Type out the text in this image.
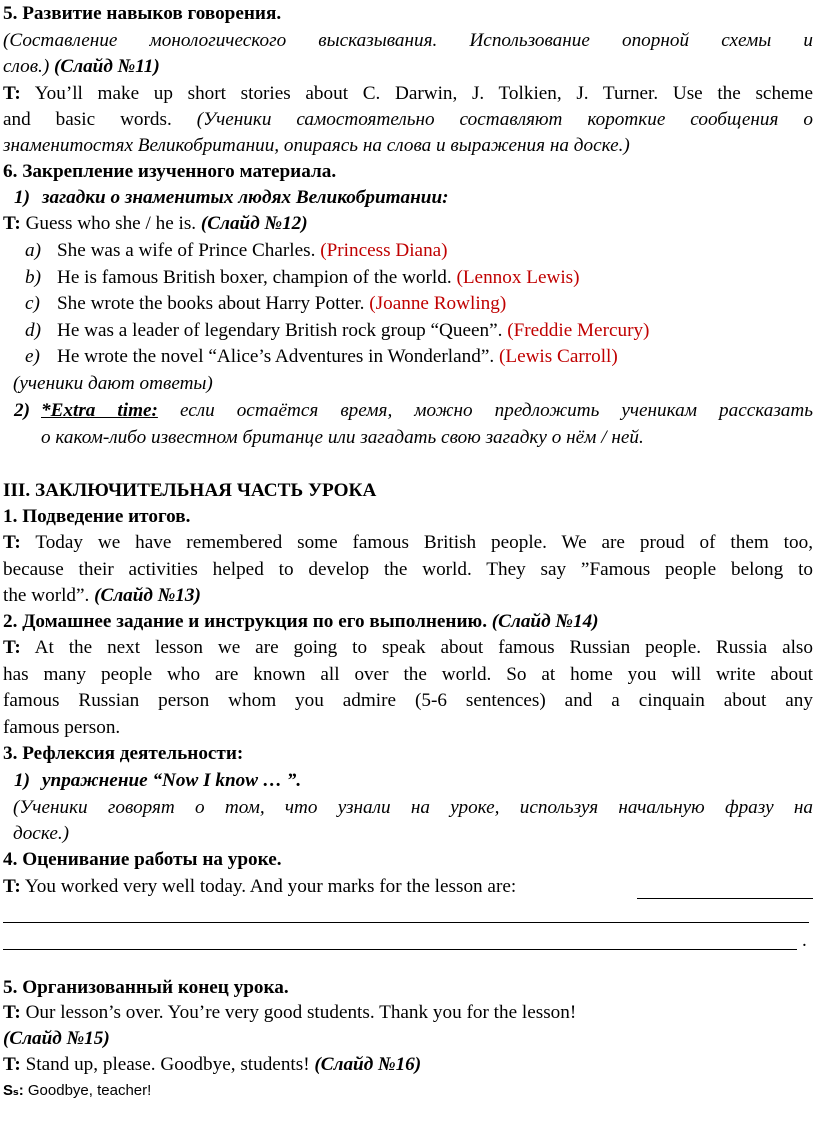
5. Развитие навыков говорения.
(Составление монологического высказывания. Использование опорной схемы и
слов.) (Слайд №11)
T: You’ll make up short stories about C. Darwin, J. Tolkien, J. Turner. Use the scheme
and basic words. (Ученики самостоятельно составляют короткие сообщения о
знаменитостях Великобритании, опираясь на слова и выражения на доске.)
6. Закрепление изученного материала.
1) загадки о знаменитых людях Великобритании:
T: Guess who she / he is. (Слайд №12)
a) She was a wife of Prince Charles. (Princess Diana)
b) He is famous British boxer, champion of the world. (Lennox Lewis)
c) She wrote the books about Harry Potter. (Joanne Rowling)
d) He was a leader of legendary British rock group “Queen”. (Freddie Mercury)
e) He wrote the novel “Alice’s Adventures in Wonderland”. (Lewis Carroll)
(ученики дают ответы)
2) *Extra time: если остаётся время, можно предложить ученикам рассказать
о каком-либо известном британце или загадать свою загадку о нём / ней.
III. ЗАКЛЮЧИТЕЛЬНАЯ ЧАСТЬ УРОКА
1. Подведение итогов.
T: Today we have remembered some famous British people. We are proud of them too,
because their activities helped to develop the world. They say ”Famous people belong to
the world”. (Слайд №13)
2. Домашнее задание и инструкция по его выполнению. (Слайд №14)
T: At the next lesson we are going to speak about famous Russian people. Russia also
has many people who are known all over the world. So at home you will write about
famous Russian person whom you admire (5-6 sentences) and a cinquain about any
famous person.
3. Рефлексия деятельности:
1) упражнение “Now I know … ”.
(Ученики говорят о том, что узнали на уроке, используя начальную фразу на
доске.)
4. Оценивание работы на уроке.
T: You worked very well today. And your marks for the lesson are:
.
5. Организованный конец урока.
T: Our lesson’s over. You’re very good students. Thank you for the lesson!
(Слайд №15)
T: Stand up, please. Goodbye, students! (Слайд №16)
Sₛ: Goodbye, teacher!
